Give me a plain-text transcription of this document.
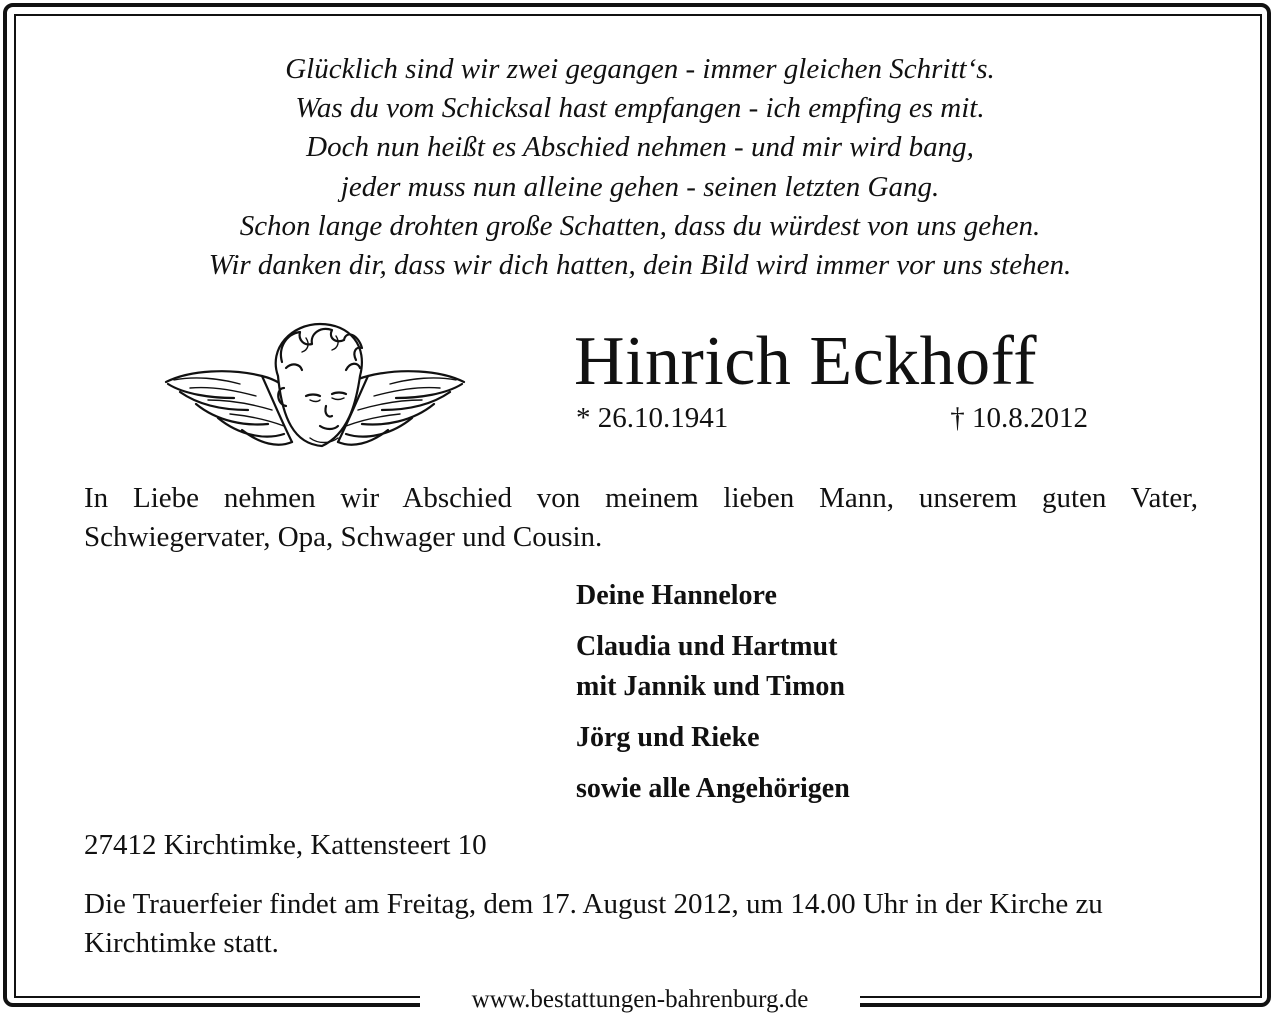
Glücklich sind wir zwei gegangen - immer gleichen Schritt‘s.
Was du vom Schicksal hast empfangen - ich empfing es mit.
Doch nun heißt es Abschied nehmen - und mir wird bang,
jeder muss nun alleine gehen - seinen letzten Gang.
Schon lange drohten große Schatten, dass du würdest von uns gehen.
Wir danken dir, dass wir dich hatten, dein Bild wird immer vor uns stehen.

Hinrich Eckhoff
* 26.10.1941	† 10.8.2012

In Liebe nehmen wir Abschied von meinem lieben Mann, unserem guten Vater, Schwiegervater, Opa, Schwager und Cousin.

Deine Hannelore
Claudia und Hartmut
mit Jannik und Timon
Jörg und Rieke
sowie alle Angehörigen

27412 Kirchtimke, Kattensteert 10

Die Trauerfeier findet am Freitag, dem 17. August 2012, um 14.00 Uhr in der Kirche zu Kirchtimke statt.

www.bestattungen-bahrenburg.de
